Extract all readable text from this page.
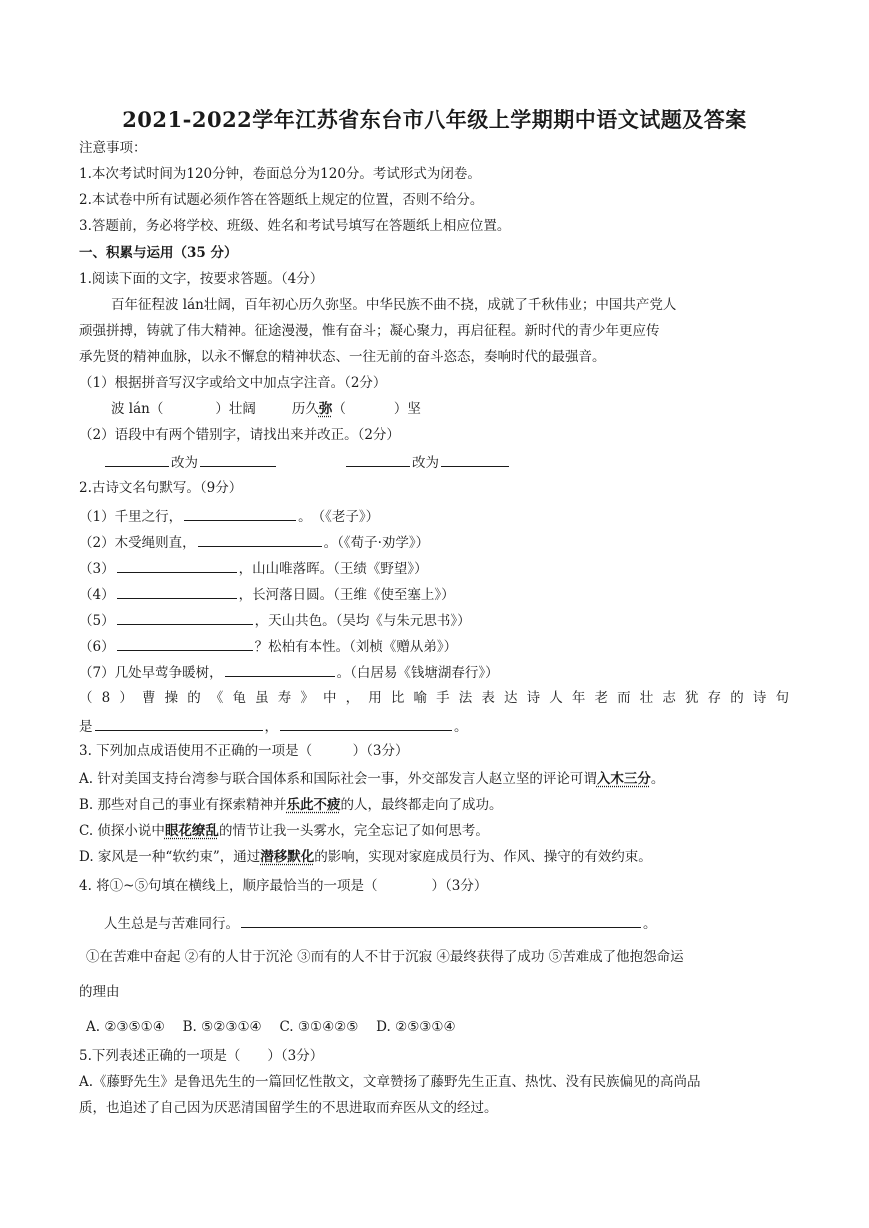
2021-2022学年江苏省东台市八年级上学期期中语文试题及答案
注意事项：
1.本次考试时间为120分钟，卷面总分为120分。考试形式为闭卷。
2.本试卷中所有试题必须作答在答题纸上规定的位置，否则不给分。
3.答题前，务必将学校、班级、姓名和考试号填写在答题纸上相应位置。
一、积累与运用（35 分）
1.阅读下面的文字，按要求答题。（4分）
百年征程波 lán壮阔，百年初心历久弥坚。中华民族不曲不挠，成就了千秋伟业；中国共产党人
顽强拼搏，铸就了伟大精神。征途漫漫，惟有奋斗；凝心聚力，再启征程。新时代的青少年更应传
承先贤的精神血脉，以永不懈怠的精神状态、一往无前的奋斗恣态，奏响时代的最强音。
（1）根据拼音写汉字或给文中加点字注音。（2分）
波 lán（	）壮阔	历久弥（	）坚
（2）语段中有两个错别字，请找出来并改正。（2分）
改为	改为
2.古诗文名句默写。（9分）
（1）千里之行，	。　（《老子》）
（2）木受绳则直，	。（《荀子·劝学》）
（3）	，山山唯落晖。（王绩《野望》）
（4）	，长河落日圆。（王维《使至塞上》）
（5）	，天山共色。（吴均《与朱元思书》）
（6）	？松柏有本性。（刘桢《赠从弟》）
（7）几处早莺争暖树，	。（白居易《钱塘湖春行》）
（8）曹操的《龟虽寿》中，用比喻手法表达诗人年老而壮志犹存的诗句
是	，	。
3. 下列加点成语使用不正确的一项是（　　　）（3分）
A. 针对美国支持台湾参与联合国体系和国际社会一事，外交部发言人赵立坚的评论可谓入木三分。
B. 那些对自己的事业有探索精神并乐此不疲的人，最终都走向了成功。
C. 侦探小说中眼花缭乱的情节让我一头雾水，完全忘记了如何思考。
D. 家风是一种“软约束”，通过潜移默化的影响，实现对家庭成员行为、作风、操守的有效约束。
4. 将①~⑤句填在横线上，顺序最恰当的一项是（　　　　）（3分）
人生总是与苦难同行。	。
①在苦难中奋起 ②有的人甘于沉沦 ③而有的人不甘于沉寂 ④最终获得了成功 ⑤苦难成了他抱怨命运
的理由
A. ②③⑤①④　 B. ⑤②③①④　 C. ③①④②⑤　 D. ②⑤③①④
5.下列表述正确的一项是（　　）（3分）
A.《藤野先生》是鲁迅先生的一篇回忆性散文，文章赞扬了藤野先生正直、热忱、没有民族偏见的高尚品
质，也追述了自己因为厌恶清国留学生的不思进取而弃医从文的经过。
